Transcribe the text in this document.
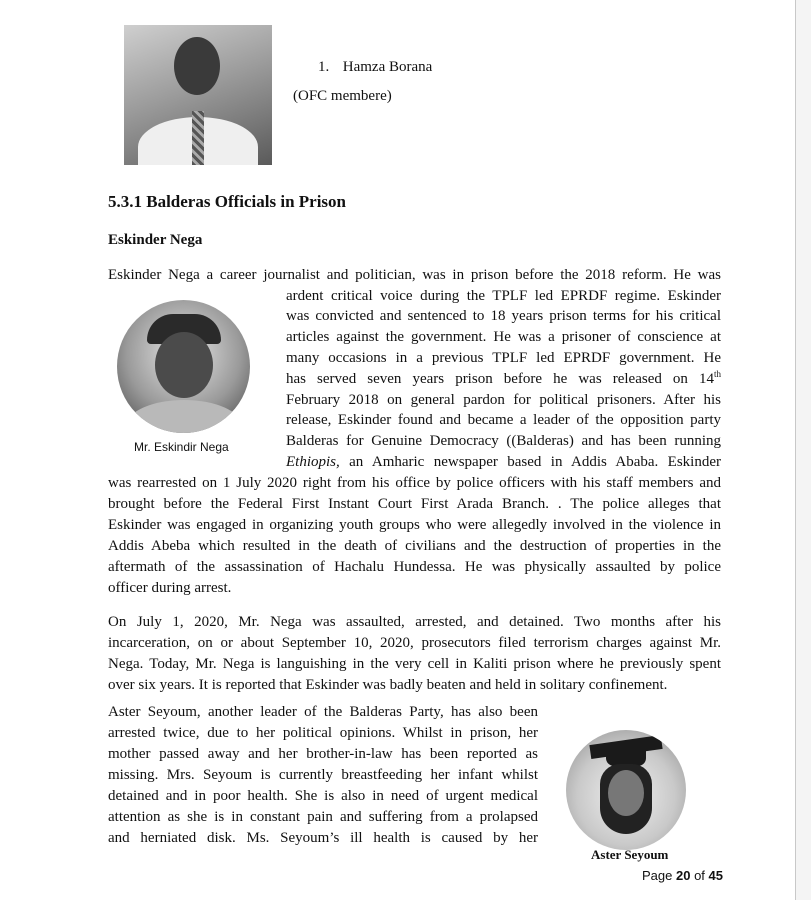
1. Hamza Borana
(OFC membere)
5.3.1 Balderas Officials in Prison
Eskinder Nega
Eskinder Nega a career journalist and politician, was in prison before the 2018 reform. He was
Mr. Eskindir Nega
ardent critical voice during the TPLF led EPRDF regime. Eskinder
was convicted and sentenced to 18 years prison terms for his critical
articles against the government. He was a prisoner of conscience at
many occasions in a previous TPLF led EPRDF government. He
has served seven years prison before he was released on 14th
February 2018 on general pardon for political prisoners. After his
release, Eskinder found and became a leader of the opposition party
Balderas for Genuine Democracy ((Balderas) and has been running
Ethiopis, an Amharic newspaper based in Addis Ababa. Eskinder
was rearrested on 1 July 2020 right from his office by police officers with his staff members and
brought before the Federal First Instant Court First Arada Branch. . The police alleges that
Eskinder was engaged in organizing youth groups who were allegedly involved in the violence in
Addis Abeba which resulted in the death of civilians and the destruction of properties in the
aftermath of the assassination of Hachalu Hundessa. He was physically assaulted by police
officer during arrest.
On July 1, 2020, Mr. Nega was assaulted, arrested, and detained. Two months after his
incarceration, on or about September 10, 2020, prosecutors filed terrorism charges against Mr.
Nega. Today, Mr. Nega is languishing in the very cell in Kaliti prison where he previously spent
over six years. It is reported that Eskinder was badly beaten and held in solitary confinement.
Aster Seyoum, another leader of the Balderas Party, has also been
arrested twice, due to her political opinions. Whilst in prison, her
mother passed away and her brother-in-law has been reported as
missing. Mrs. Seyoum is currently breastfeeding her infant whilst
detained and in poor health. She is also in need of urgent medical
attention as she is in constant pain and suffering from a prolapsed
and herniated disk. Ms. Seyoum’s ill health is caused by her
Aster Seyoum
Page 20 of 45
